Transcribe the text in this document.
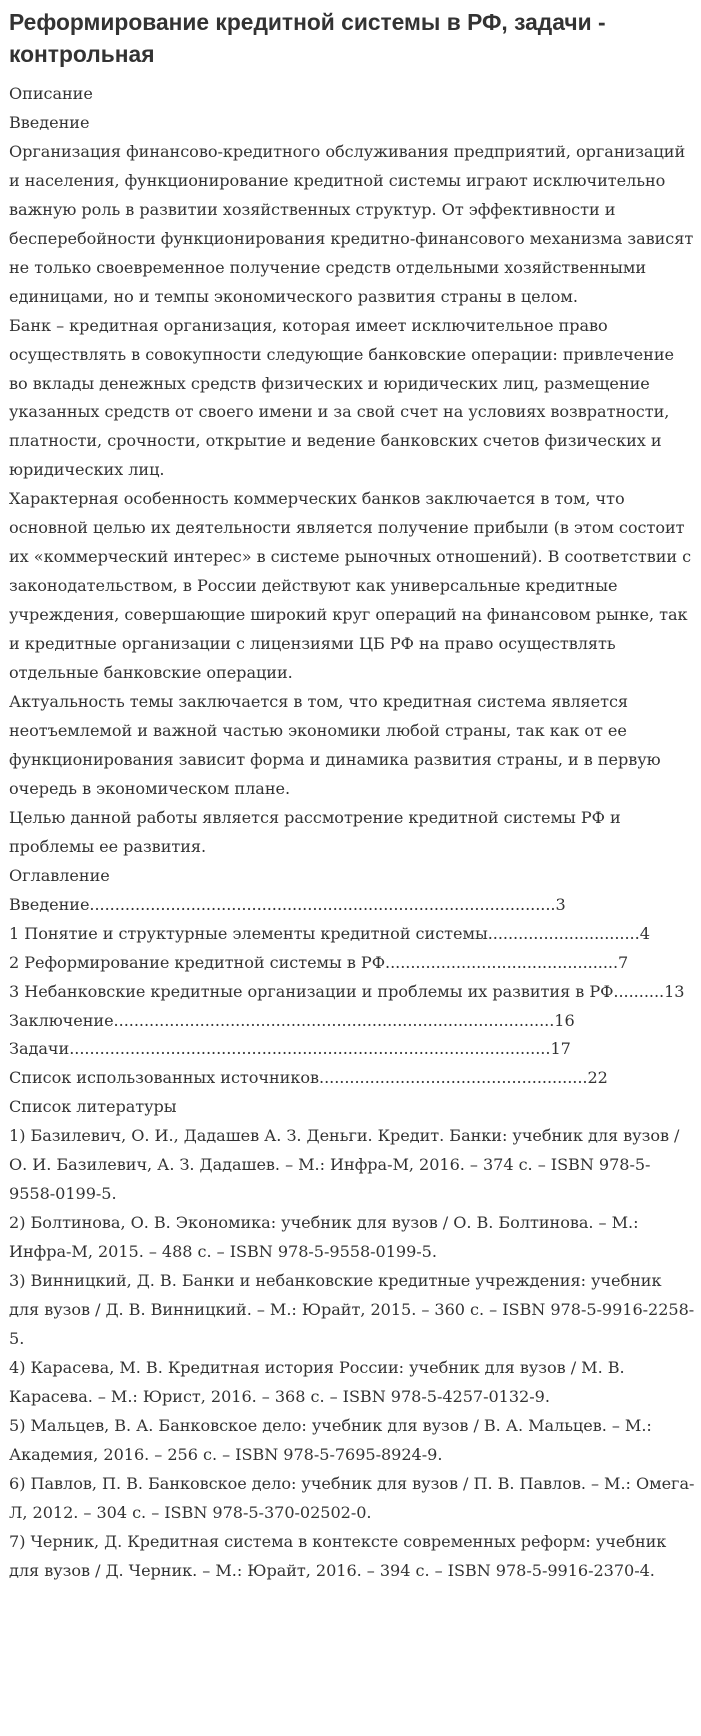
Реформирование кредитной системы в РФ, задачи - контрольная

Описание

Введение

Организация финансово-кредитного обслуживания предприятий, организаций и населения, функционирование кредитной системы играют исключительно важную роль в развитии хозяйственных структур. От эффективности и бесперебойности функционирования кредитно-финансового механизма зависят не только своевременное получение средств отдельными хозяйственными единицами, но и темпы экономического развития страны в целом.

Банк – кредитная организация, которая имеет исключительное право осуществлять в совокупности следующие банковские операции: привлечение во вклады денежных средств физических и юридических лиц, размещение указанных средств от своего имени и за свой счет на условиях возвратности, платности, срочности, открытие и ведение банковских счетов физических и юридических лиц.

Характерная особенность коммерческих банков заключается в том, что основной целью их деятельности является получение прибыли (в этом состоит их «коммерческий интерес» в системе рыночных отношений). В соответствии с законодательством, в России действуют как универсальные кредитные учреждения, совершающие широкий круг операций на финансовом рынке, так и кредитные организации с лицензиями ЦБ РФ на право осуществлять отдельные банковские операции.

Актуальность темы заключается в том, что кредитная система является неотъемлемой и важной частью экономики любой страны, так как от ее функционирования зависит форма и динамика развития страны, и в первую очередь в экономическом плане.

Целью данной работы является рассмотрение кредитной системы РФ и проблемы ее развития.

Оглавление

Введение............................................................................................3

1 Понятие и структурные элементы кредитной системы..............................4

2 Реформирование кредитной системы в РФ..............................................7

3 Небанковские кредитные организации и проблемы их развития в РФ..........13

Заключение.......................................................................................16

Задачи...............................................................................................17

Список использованных источников.....................................................22

Список литературы

1) Базилевич, О. И., Дадашев А. З. Деньги. Кредит. Банки: учебник для вузов / О. И. Базилевич, А. З. Дадашев. – М.: Инфра-М, 2016. – 374 с. – ISBN 978-5-9558-0199-5.

2) Болтинова, О. В. Экономика: учебник для вузов / О. В. Болтинова. – М.: Инфра-М, 2015. – 488 с. – ISBN 978-5-9558-0199-5.

3) Винницкий, Д. В. Банки и небанковские кредитные учреждения: учебник для вузов / Д. В. Винницкий. – М.: Юрайт, 2015. – 360 с. – ISBN 978-5-9916-2258-5.

4) Карасева, М. В. Кредитная история России: учебник для вузов / М. В. Карасева. – М.: Юрист, 2016. – 368 с. – ISBN 978-5-4257-0132-9.

5) Мальцев, В. А. Банковское дело: учебник для вузов / В. А. Мальцев. – М.: Академия, 2016. – 256 с. – ISBN 978-5-7695-8924-9.

6) Павлов, П. В. Банковское дело: учебник для вузов / П. В. Павлов. – М.: Омега-Л, 2012. – 304 с. – ISBN 978-5-370-02502-0.

7) Черник, Д. Кредитная система в контексте современных реформ: учебник для вузов / Д. Черник. – М.: Юрайт, 2016. – 394 с. – ISBN 978-5-9916-2370-4.
